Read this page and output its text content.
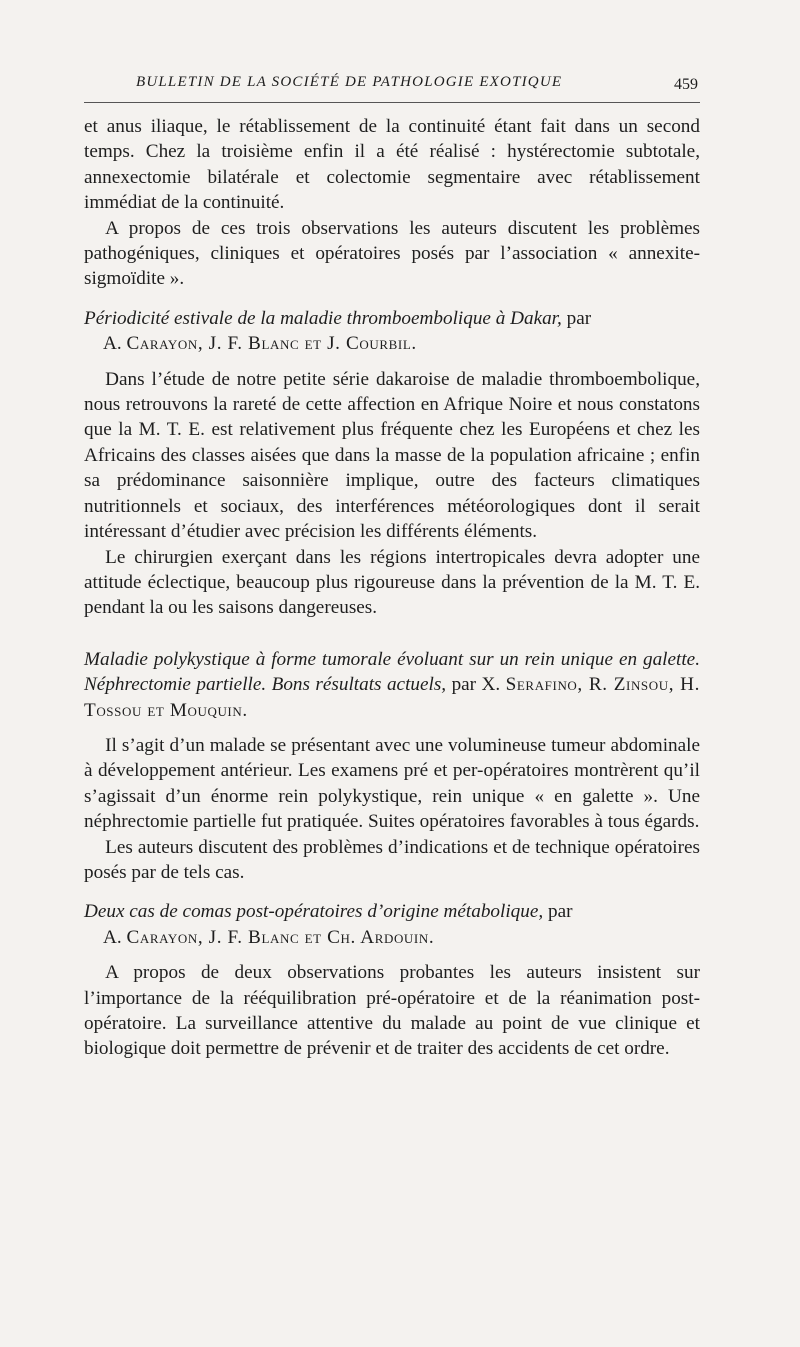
BULLETIN DE LA SOCIÉTÉ DE PATHOLOGIE EXOTIQUE	459

et anus iliaque, le rétablissement de la continuité étant fait dans un second temps. Chez la troisième enfin il a été réalisé : hystérectomie subtotale, annexectomie bilatérale et colectomie segmentaire avec rétablissement immédiat de la continuité.

A propos de ces trois observations les auteurs discutent les problèmes pathogéniques, cliniques et opératoires posés par l’association « annexite-sigmoïdite ».

Périodicité estivale de la maladie thromboembolique à Dakar, par
A. Carayon, J. F. Blanc et J. Courbil.

Dans l’étude de notre petite série dakaroise de maladie thromboembolique, nous retrouvons la rareté de cette affection en Afrique Noire et nous constatons que la M. T. E. est relativement plus fréquente chez les Européens et chez les Africains des classes aisées que dans la masse de la population africaine ; enfin sa prédominance saisonnière implique, outre des facteurs climatiques nutritionnels et sociaux, des interférences météorologiques dont il serait intéressant d’étudier avec précision les différents éléments.

Le chirurgien exerçant dans les régions intertropicales devra adopter une attitude éclectique, beaucoup plus rigoureuse dans la prévention de la M. T. E. pendant la ou les saisons dangereuses.

Maladie polykystique à forme tumorale évoluant sur un rein unique en galette. Néphrectomie partielle. Bons résultats actuels, par X. Serafino, R. Zinsou, H. Tossou et Mouquin.

Il s’agit d’un malade se présentant avec une volumineuse tumeur abdominale à développement antérieur. Les examens pré et per-opératoires montrèrent qu’il s’agissait d’un énorme rein polykystique, rein unique « en galette ». Une néphrectomie partielle fut pratiquée. Suites opératoires favorables à tous égards.

Les auteurs discutent des problèmes d’indications et de technique opératoires posés par de tels cas.

Deux cas de comas post-opératoires d’origine métabolique, par
A. Carayon, J. F. Blanc et Ch. Ardouin.

A propos de deux observations probantes les auteurs insistent sur l’importance de la rééquilibration pré-opératoire et de la réanimation post-opératoire. La surveillance attentive du malade au point de vue clinique et biologique doit permettre de prévenir et de traiter des accidents de cet ordre.
